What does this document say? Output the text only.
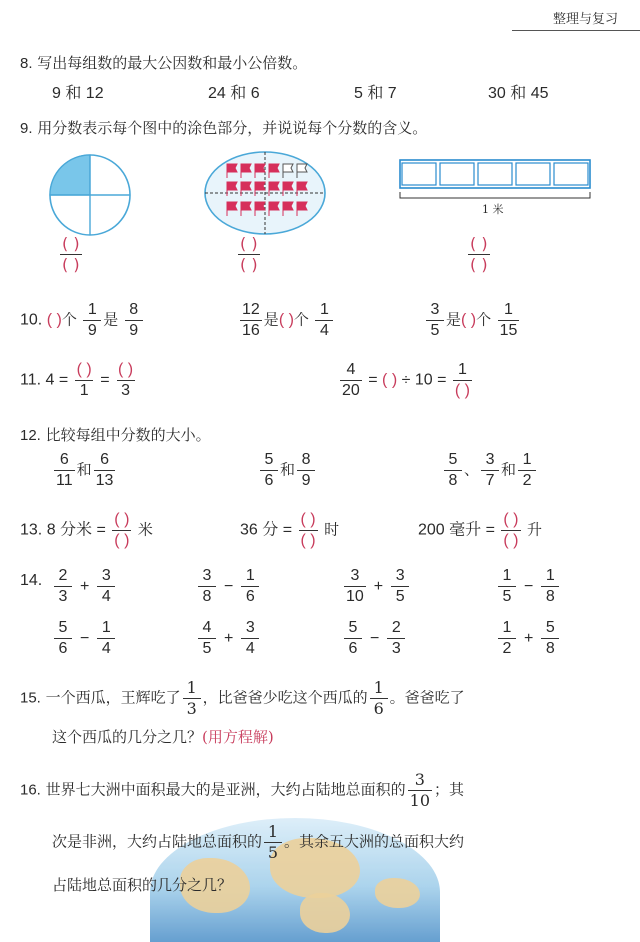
整理与复习
8. 写出每组数的最大公因数和最小公倍数。
9 和 12	24 和 6	5 和 7	30 和 45
9. 用分数表示每个图中的涂色部分，并说说每个分数的含义。
1 米
$\frac{( )}{( )}$	$\frac{( )}{( )}$	$\frac{( )}{( )}$
10. ( )个 $\frac{1}{9}$ 是 $\frac{8}{9}$	$\frac{12}{16}$ 是( )个 $\frac{1}{4}$	$\frac{3}{5}$ 是( )个 $\frac{1}{15}$
11. $4 = \frac{( )}{1} = \frac{( )}{3}$	$\frac{4}{20}$ = ( ) ÷ $10 = \frac{1}{( )}$
12. 比较每组中分数的大小。
$\frac{6}{11}$ 和 $\frac{6}{13}$	$\frac{5}{6}$ 和 $\frac{8}{9}$	$\frac{5}{8}$ 、 $\frac{3}{7}$ 和 $\frac{1}{2}$
13. 8 分米 = $\frac{( )}{( )}$ 米	36 分 = $\frac{( )}{( )}$ 时	200 毫升 = $\frac{( )}{( )}$ 升
14. $\frac{2}{3} + \frac{3}{4}$	$\frac{3}{8} - \frac{1}{6}$	$\frac{3}{10} + \frac{3}{5}$	$\frac{1}{5} - \frac{1}{8}$
$\frac{5}{6} - \frac{1}{4}$	$\frac{4}{5} + \frac{3}{4}$	$\frac{5}{6} - \frac{2}{3}$	$\frac{1}{2} + \frac{5}{8}$
15. 一个西瓜，王辉吃了 $\frac{1}{3}$ ，比爸爸少吃这个西瓜的 $\frac{1}{6}$ 。爸爸吃了
这个西瓜的几分之几？(用方程解)
16. 世界七大洲中面积最大的是亚洲，大约占陆地总面积的 $\frac{3}{10}$ ；其
次是非洲，大约占陆地总面积的 $\frac{1}{5}$ 。其余五大洲的总面积大约
占陆地总面积的几分之几？
